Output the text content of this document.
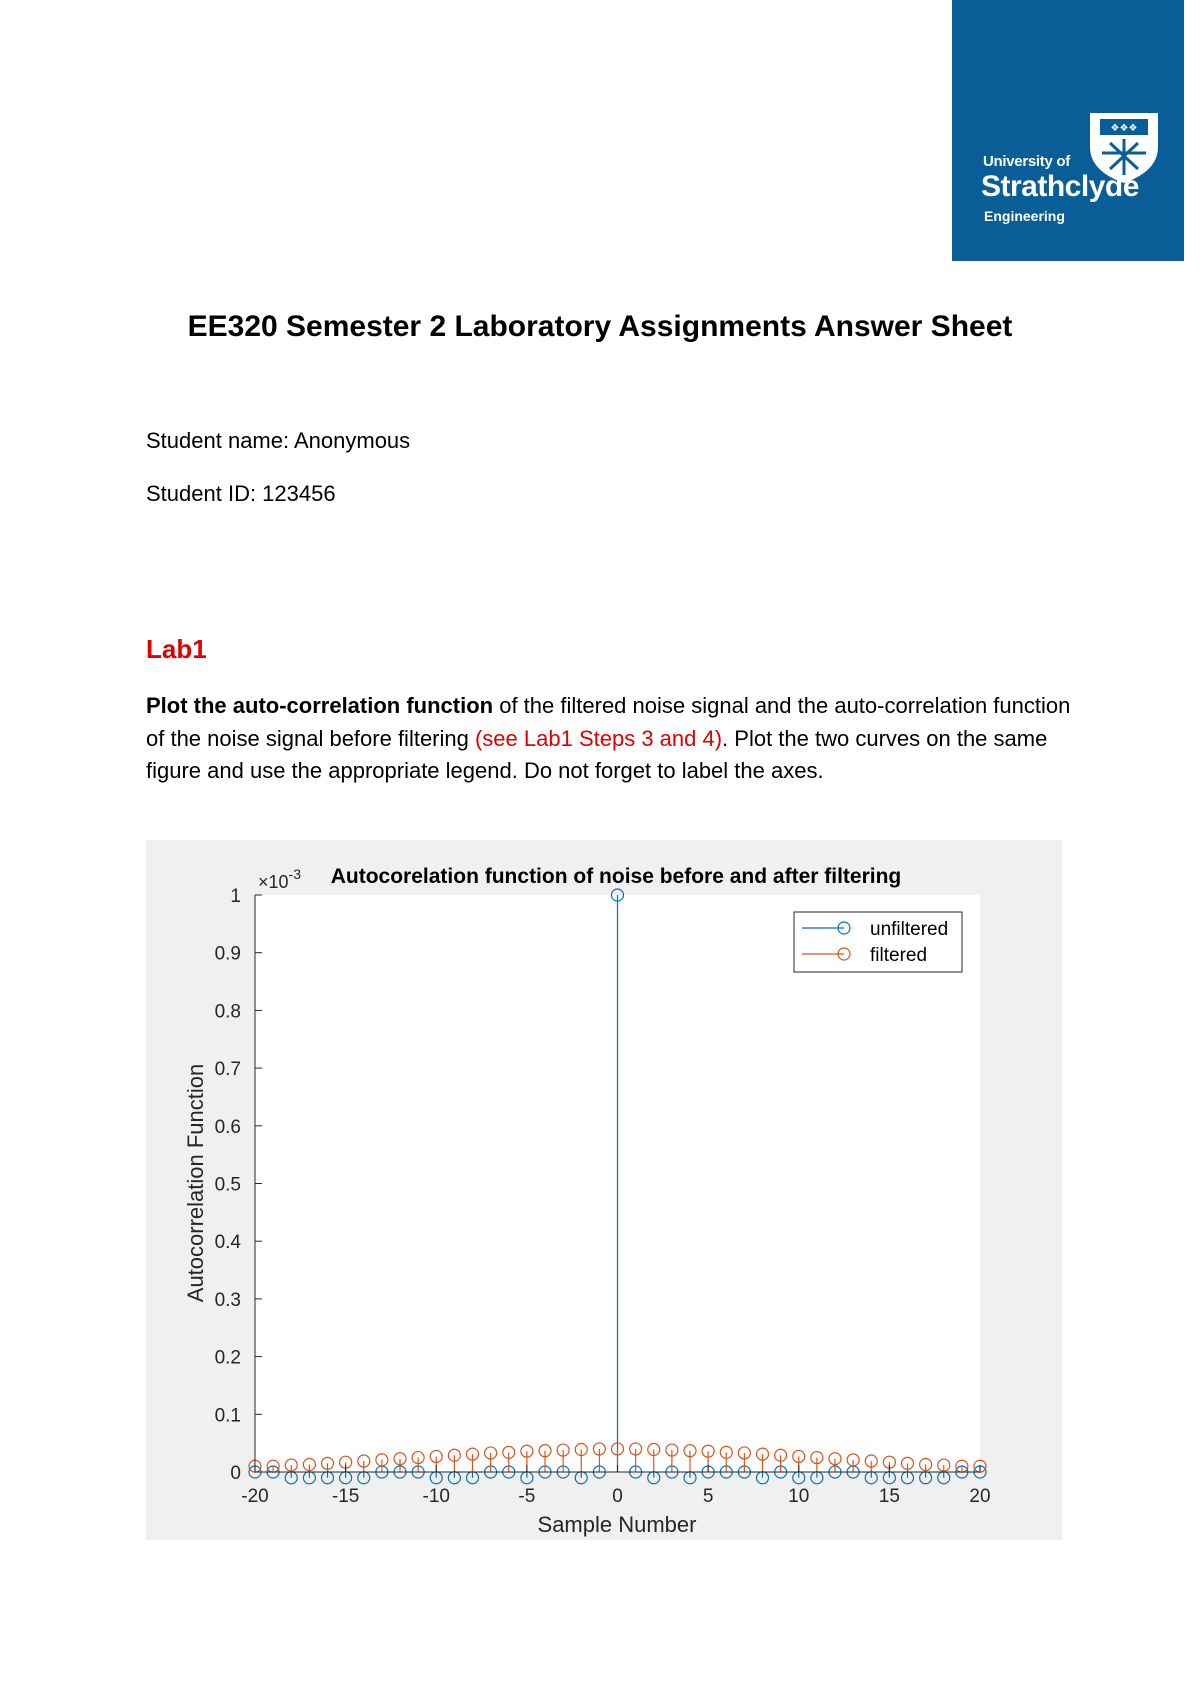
❖❖❖
University of
Strathclyde
Engineering
EE320 Semester 2 Laboratory Assignments Answer Sheet
Student name: Anonymous
Student ID: 123456
Lab1
Plot the auto-correlation function of the filtered noise signal and the auto-correlation function of the noise signal before filtering (see Lab1 Steps 3 and 4). Plot the two curves on the same figure and use the appropriate legend. Do not forget to label the axes.
-20	-15	-10	-5	0	5	10	15	20
0
0.1
0.2
0.3
0.4
0.5
0.6
0.7
0.8
0.9
1
Autocorelation function of noise before and after filtering
$\times 10^{-3}$
Sample Number
Autocorrelation Function
unfiltered
filtered
